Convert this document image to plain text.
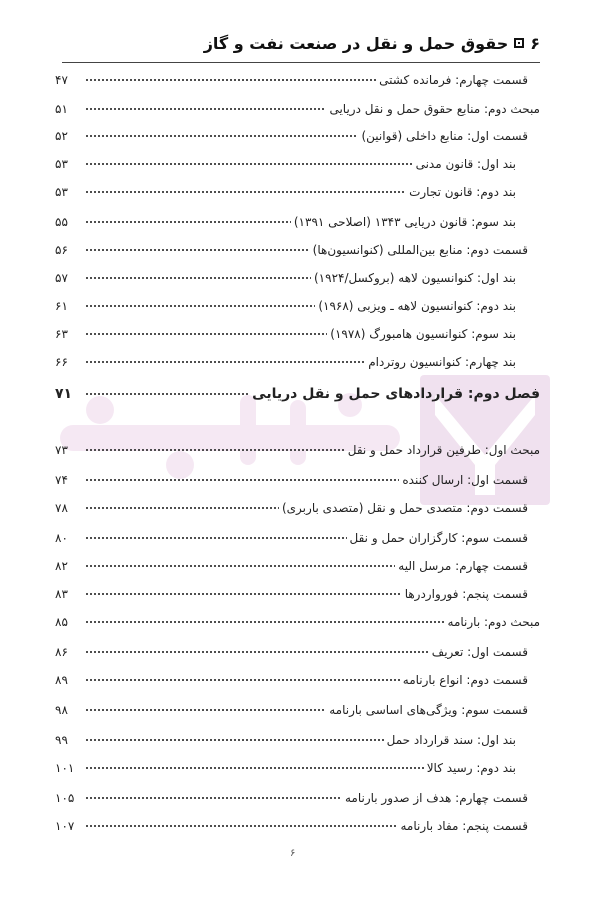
۶
حقوق حمل و نقل در صنعت نفت و گاز
قسمت چهارم: فرمانده کشتی
۴۷
مبحث دوم: منابع حقوق حمل و نقل دریایی
۵۱
قسمت اول: منابع داخلی (قوانین)
۵۲
بند اول: قانون مدنی
۵۳
بند دوم: قانون تجارت
۵۳
بند سوم: قانون دریایی ۱۳۴۳ (اصلاحی ۱۳۹۱)
۵۵
قسمت دوم: منابع بین‌المللی (کنوانسیون‌ها)
۵۶
بند اول: کنوانسیون لاهه (بروکسل/۱۹۲۴)
۵۷
بند دوم: کنوانسیون لاهه ـ ویزبی (۱۹۶۸)
۶۱
بند سوم: کنوانسیون هامبورگ (۱۹۷۸)
۶۳
بند چهارم: کنوانسیون روتردام
۶۶
فصل دوم: قراردادهای حمل و نقل دریایی
۷۱
مبحث اول: طرفین قرارداد حمل و نقل
۷۳
قسمت اول: ارسال کننده
۷۴
قسمت دوم: متصدی حمل و نقل (متصدی باربری)
۷۸
قسمت سوم: کارگزاران حمل و نقل
۸۰
قسمت چهارم: مرسل الیه
۸۲
قسمت پنجم: فورواردرها
۸۳
مبحث دوم: بارنامه
۸۵
قسمت اول: تعریف
۸۶
قسمت دوم: انواع بارنامه
۸۹
قسمت سوم: ویژگی‌های اساسی بارنامه
۹۸
بند اول: سند قرارداد حمل
۹۹
بند دوم: رسید کالا
۱۰۱
قسمت چهارم: هدف از صدور بارنامه
۱۰۵
قسمت پنجم: مفاد بارنامه
۱۰۷
۶
